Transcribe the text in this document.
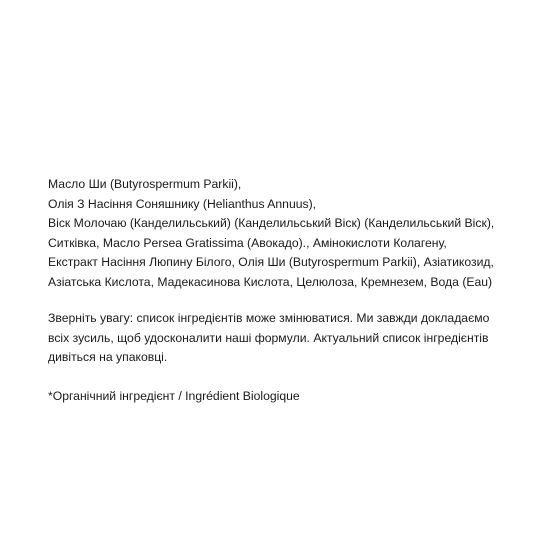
Масло Ши (Butyrospermum Parkii),

Олія З Насіння Соняшнику (Helianthus Annuus),

Віск Молочаю (Канделильський) (Канделильський Віск) (Канделильський Віск),

Ситківка, Масло Persea Gratissima (Авокадо)., Амінокислоти Колагену,

Екстракт Насіння Люпину Білого, Олія Ши (Butyrospermum Parkii), Азіатикозид,

Азіатська Кислота, Мадекасинова Кислота, Целюлоза, Кремнезем, Вода (Eau)

Зверніть увагу: список інгредієнтів може змінюватися. Ми завжди докладаємо

всіх зусиль, щоб удосконалити наші формули. Актуальний список інгредієнтів

дивіться на упаковці.

*Органічний інгредієнт / Ingrédient Biologique
